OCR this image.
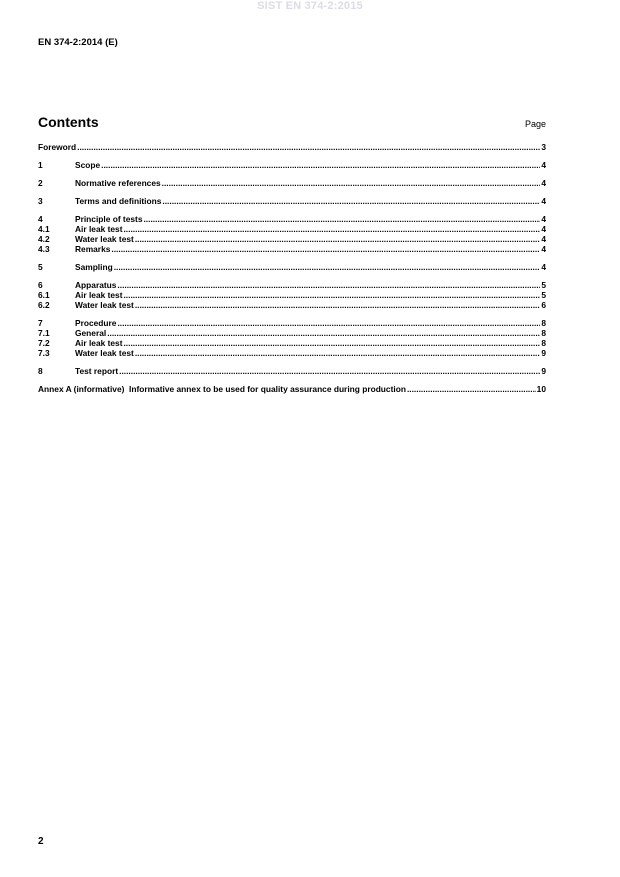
SIST EN 374-2:2015
EN 374-2:2014 (E)
Contents	Page
Foreword .....	3
1	Scope .....	4
2	Normative references .....	4
3	Terms and definitions .....	4
4	Principle of tests .....	4
4.1	Air leak test .....	4
4.2	Water leak test .....	4
4.3	Remarks .....	4
5	Sampling .....	4
6	Apparatus .....	5
6.1	Air leak test .....	5
6.2	Water leak test .....	6
7	Procedure .....	8
7.1	General .....	8
7.2	Air leak test .....	8
7.3	Water leak test .....	9
8	Test report .....	9
Annex A (informative)  Informative annex to be used for quality assurance during production .....	10
2
